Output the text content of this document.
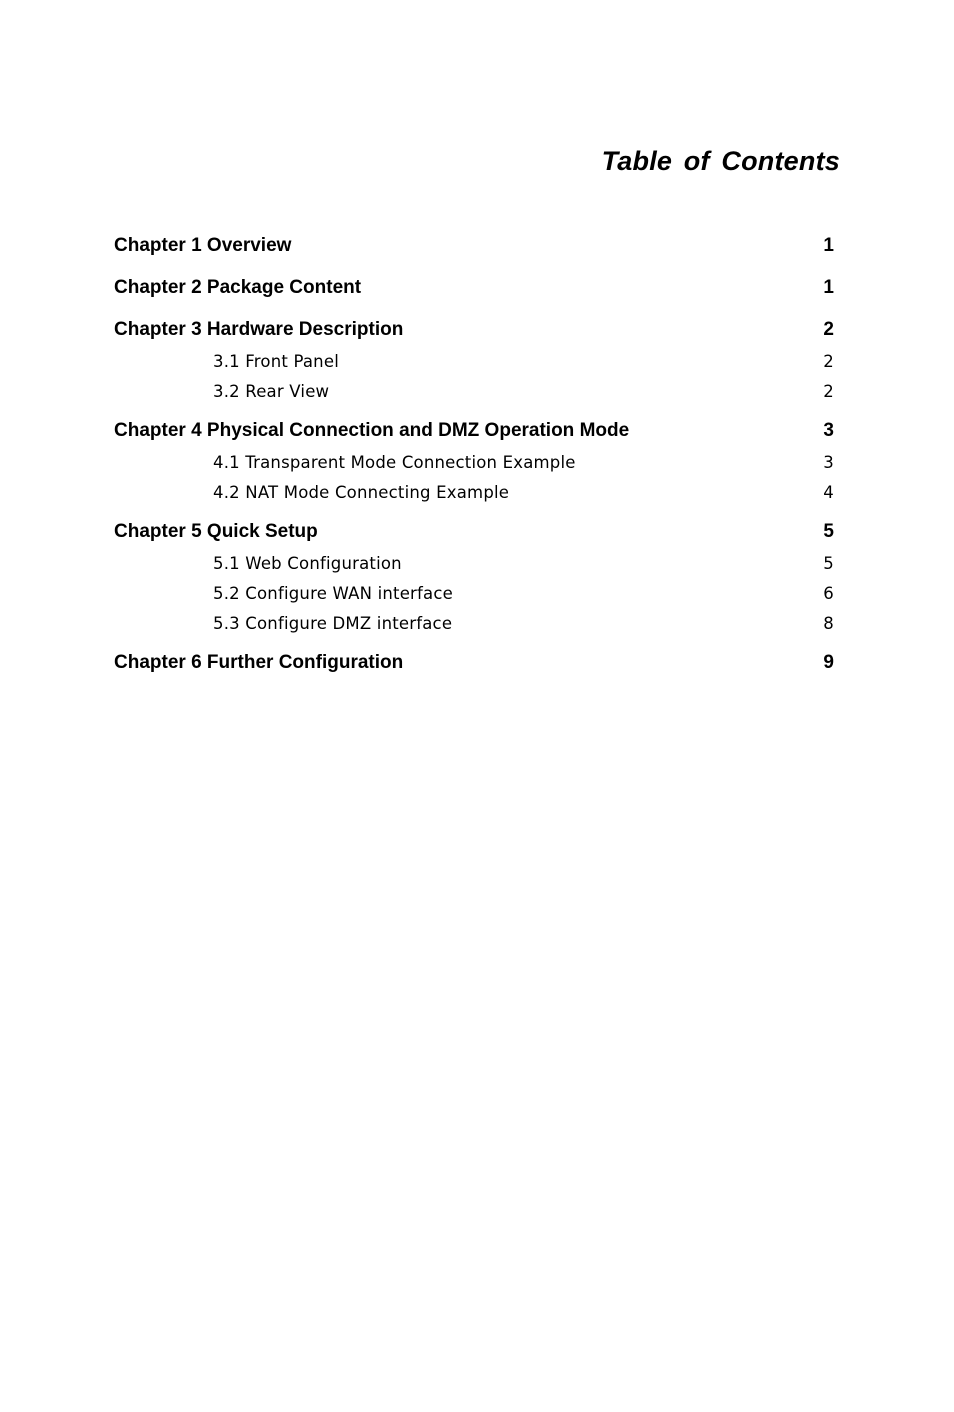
Table of Contents
Chapter 1 Overview	1
Chapter 2 Package Content	1
Chapter 3 Hardware Description	2
3.1 Front Panel	2
3.2 Rear View	2
Chapter 4 Physical Connection and DMZ Operation Mode	3
4.1 Transparent Mode Connection Example	3
4.2 NAT Mode Connecting Example	4
Chapter 5 Quick Setup	5
5.1 Web Configuration	5
5.2 Configure WAN interface	6
5.3 Configure DMZ interface	8
Chapter 6 Further Configuration	9
